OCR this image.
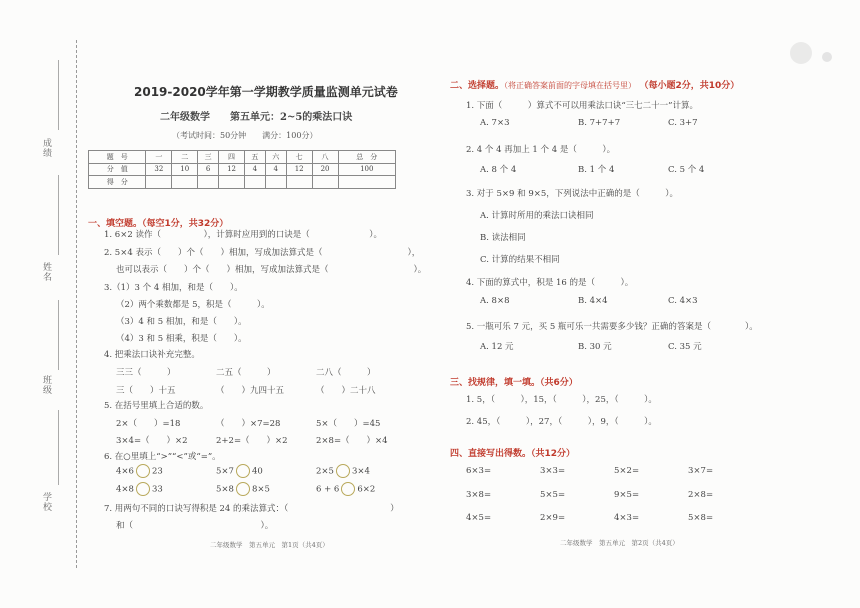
成绩
姓名
班级
学校
2019-2020学年第一学期教学质量监测单元试卷
二年级数学　　第五单元：2~5的乘法口诀
（考试时间：50分钟　　满分：100分）
题　号	一	二	三	四	五	六	七	八	总　分
分　值	32	10	6	12	4	4	12	20	100
得　分									
一、填空题。（每空1分，共32分）
1. 6×2 读作（　　　　　），计算时应用到的口诀是（　　　　　　　）。
2. 5×4 表示（　　）个（　　）相加，写成加法算式是（　　　　　　　　　　），
也可以表示（　　）个（　　）相加，写成加法算式是（　　　　　　　　　　）。
3.（1）3 个 4 相加，和是（　　）。
（2）两个乘数都是 5，积是（　　　）。
（3）4 和 5 相加，和是（　　）。
（4）3 和 5 相乘，积是（　　）。
4. 把乘法口诀补充完整。
三三（　　　）	二五（　　　）	二八（　　　）
三（　　）十五	（　　）九四十五	（　　）二十八
5. 在括号里填上合适的数。
2×（　　）=18	（　　）×7=28	5×（　　）=45
3×4=（　　）×2	2+2=（　　）×2	2×8=（　　）×4
6. 在○里填上“>”“<”或“=”。
4×6 23	5×7 40	2×5 3×4
4×8 33	5×8 8×5	6 + 6 6×2
7. 用两句不同的口诀写得积是 24 的乘法算式：（　　　　　　　　　　　　）
和（　　　　　　　　　　　　　　　）。
二年级数学　第五单元　第1页（共4页）
二、选择题。（将正确答案前面的字母填在括号里） （每小题2分，共10分）
1. 下面（　　　）算式不可以用乘法口诀“三七二十一”计算。
A. 7×3	B. 7+7+7	C. 3+7
2. 4 个 4 再加上 1 个 4 是（　　　）。
A. 8 个 4	B. 1 个 4	C. 5 个 4
3. 对于 5×9 和 9×5，下列说法中正确的是（　　　）。
A. 计算时所用的乘法口诀相同
B. 读法相同
C. 计算的结果不相同
4. 下面的算式中，积是 16 的是（　　　）。
A. 8×8	B. 4×4	C. 4×3
5. 一瓶可乐 7 元，买 5 瓶可乐一共需要多少钱？正确的答案是（　　　　）。
A. 12 元	B. 30 元	C. 35 元
三、找规律，填一填。（共6分）
1. 5，（　　　），15，（　　　），25，（　　　）。
2. 45，（　　　），27，（　　　），9，（　　　）。
四、直接写出得数。（共12分）
6×3=	3×3=	5×2=	3×7=
3×8=	5×5=	9×5=	2×8=
4×5=	2×9=	4×3=	5×8=
二年级数学　第五单元　第2页（共4页）
